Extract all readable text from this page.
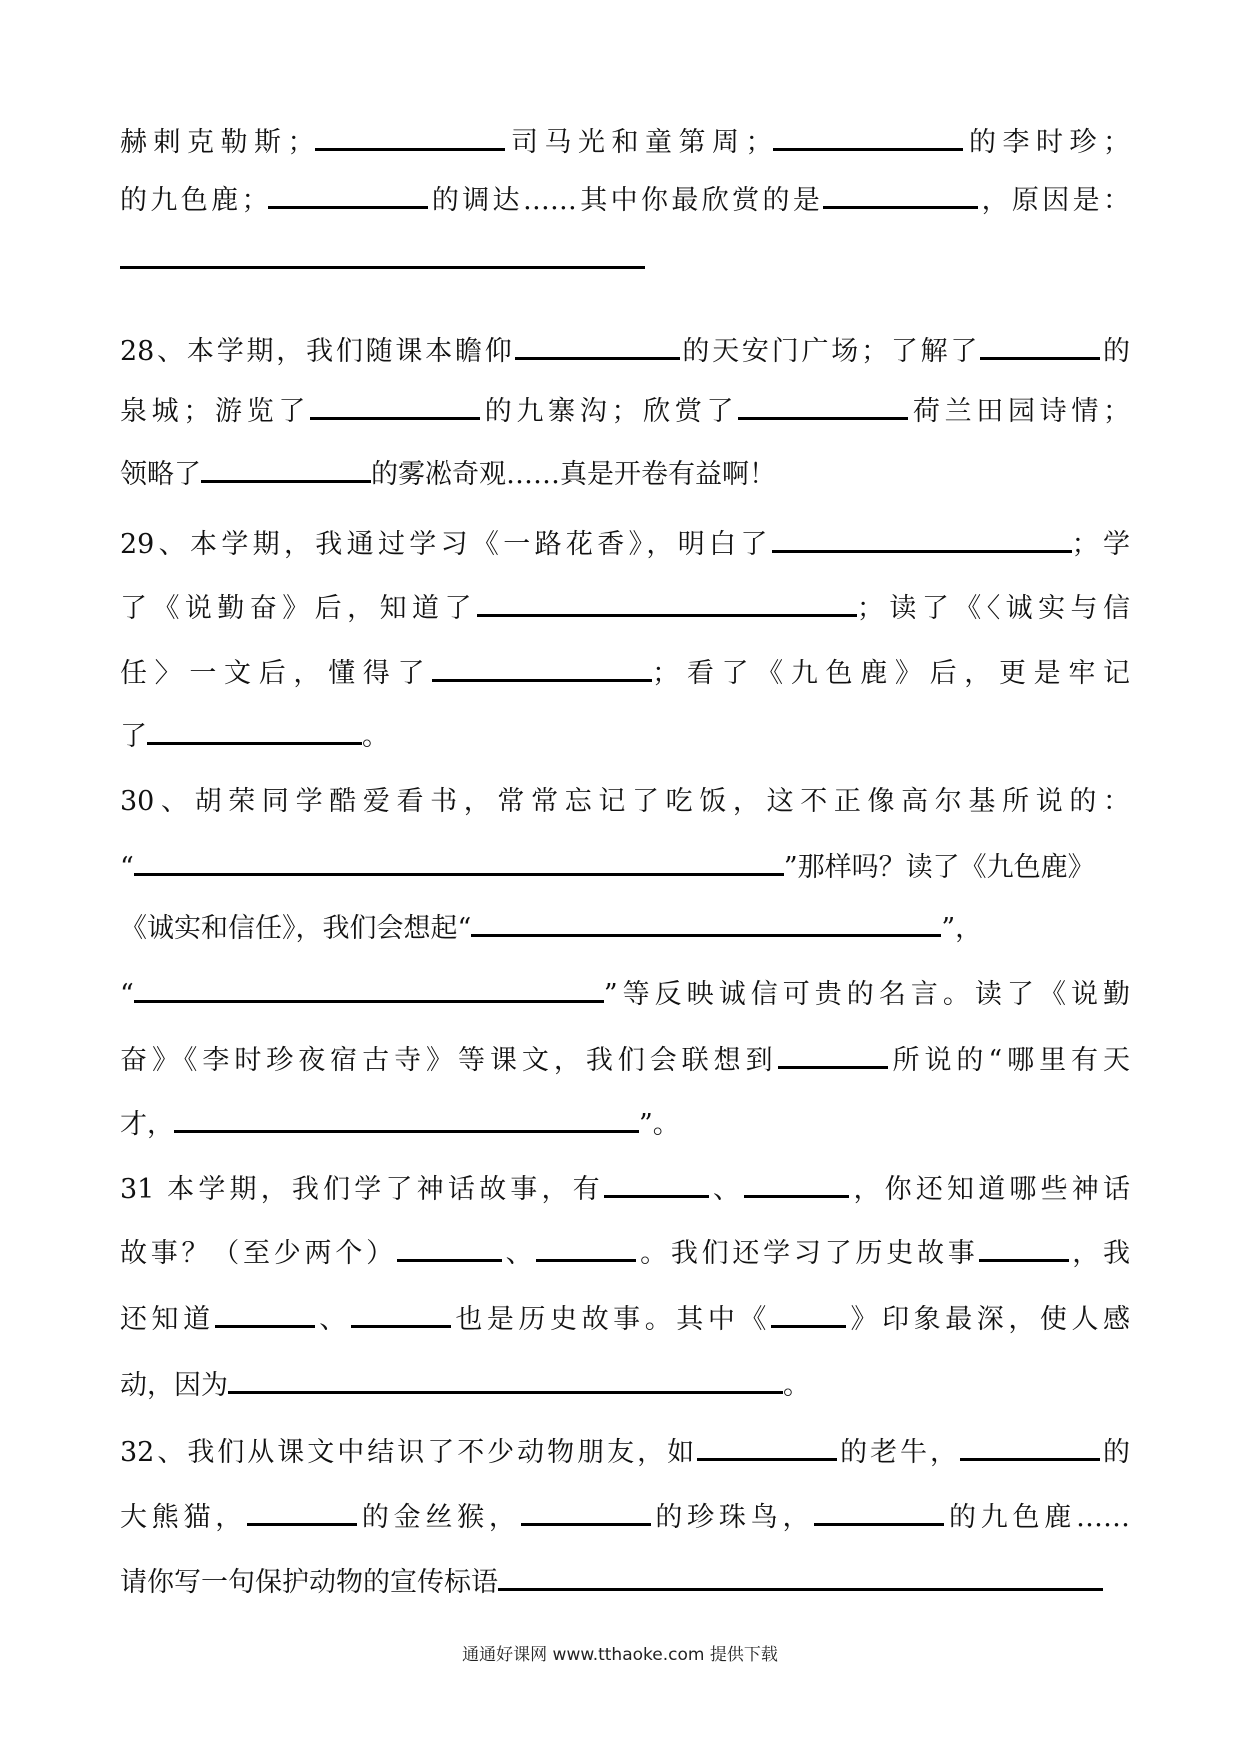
赫剌克勒斯；	司马光和童第周；	的李时珍；
的九色鹿；	的调达……其中你最欣赏的是	，原因是：
28、本学期，我们随课本瞻仰	的天安门广场；了解了	的
泉城；游览了	的九寨沟；欣赏了	荷兰田园诗情；
领略了	的雾凇奇观……真是开卷有益啊！
29、本学期，我通过学习《一路花香》，明白了	；学
了《说勤奋》后，知道了	；读了《〈诚实与信
任〉一文后，懂得了	；看了《九色鹿》后，更是牢记
了	。
30、胡荣同学酷爱看书，常常忘记了吃饭，这不正像高尔基所说的：
“	”那样吗？读了《九色鹿》
《诚实和信任》，我们会想起“	”，
“	”等反映诚信可贵的名言。读了《说勤
奋》《李时珍夜宿古寺》等课文，我们会联想到	所说的“哪里有天
才，	”。
31 本学期，我们学了神话故事，有	、	，你还知道哪些神话
故事？（至少两个）	、	。我们还学习了历史故事	，我
还知道	、	也是历史故事。其中《	》印象最深，使人感
动，因为	。
32、我们从课文中结识了不少动物朋友，如	的老牛，	的
大熊猫，	的金丝猴，	的珍珠鸟，	的九色鹿……
请你写一句保护动物的宣传标语
通通好课网 www.tthaoke.com 提供下载
